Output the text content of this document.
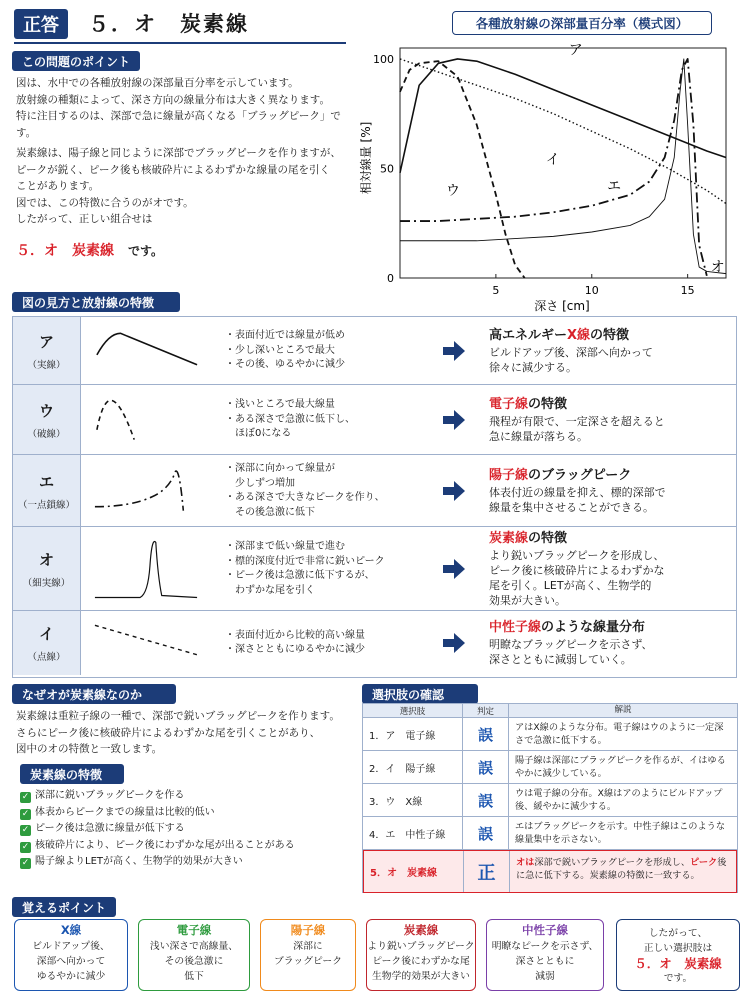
正答	５．オ　炭素線
この問題のポイント
図は、水中での各種放射線の深部量百分率を示しています。
放射線の種類によって、深さ方向の線量分布は大きく異なります。
特に注目するのは、深部で急に線量が高くなる「ブラッグピーク」です。
炭素線は、陽子線と同じように深部でブラッグピークを作りますが、
ピークが鋭く、ピーク後も核破砕片によるわずかな線量の尾を引く
ことがあります。
図では、この特徴に合うのがオです。
したがって、正しい組合せは
５．オ　炭素線 です。
各種放射線の深部量百分率（模式図）
5	10	15
0
50
100
相対線量 [%]
深さ [cm]
ア
イ
ウ	エ
オ
図の見方と放射線の特徴
ア
（実線）
・表面付近では線量が低め
・少し深いところで最大
・その後、ゆるやかに減少
高エネルギーX線の特徴
ビルドアップ後、深部へ向かって
徐々に減少する。
ウ
（破線）
・浅いところで最大線量
・ある深さで急激に低下し、
　ほぼ0になる
電子線の特徴
飛程が有限で、一定深さを超えると
急に線量が落ちる。
エ
（一点鎖線）
・深部に向かって線量が
　少しずつ増加
・ある深さで大きなピークを作り、
　その後急激に低下
陽子線のブラッグピーク
体表付近の線量を抑え、標的深部で
線量を集中させることができる。
オ
（細実線）
・深部まで低い線量で進む
・標的深度付近で非常に鋭いピーク
・ピーク後は急激に低下するが、
　わずかな尾を引く
炭素線の特徴
より鋭いブラッグピークを形成し、
ピーク後に核破砕片によるわずかな
尾を引く。LETが高く、生物学的
効果が大きい。
イ
（点線）
・表面付近から比較的高い線量
・深さとともにゆるやかに減少
中性子線のような線量分布
明瞭なブラッグピークを示さず、
深さとともに減弱していく。
なぜオが炭素線なのか
炭素線は重粒子線の一種で、深部で鋭いブラッグピークを作ります。
さらにピーク後に核破砕片によるわずかな尾を引くことがあり、
図中のオの特徴と一致します。
炭素線の特徴
✓ 深部に鋭いブラッグピークを作る
✓ 体表からピークまでの線量は比較的低い
✓ ピーク後は急激に線量が低下する
✓ 核破砕片により、ピーク後にわずかな尾が出ることがある
✓ 陽子線よりLETが高く、生物学的効果が大きい
選択肢の確認
選択肢	判定	解説
1．ア　電子線	誤	アはX線のような分布。電子線はウのように一定深さで急激に低下する。
2．イ　陽子線	誤	陽子線は深部にブラッグピークを作るが、イはゆるやかに減少している。
3．ウ　X線	誤	ウは電子線の分布。X線はアのようにビルドアップ後、緩やかに減少する。
4．エ　中性子線	誤	エはブラッグピークを示す。中性子線はこのような線量集中を示さない。
5．オ　炭素線	正	オは深部で鋭いブラッグピークを形成し、ピーク後に急に低下する。炭素線の特徴に一致する。
覚えるポイント
X線
ビルドアップ後、
深部へ向かって
ゆるやかに減少
電子線
浅い深さで高線量、
その後急激に
低下
陽子線
深部に
ブラッグピーク
炭素線
より鋭いブラッグピーク
ピーク後にわずかな尾
生物学的効果が大きい
中性子線
明瞭なピークを示さず、
深さとともに
減弱
したがって、
正しい選択肢は
５．オ　炭素線
です。
